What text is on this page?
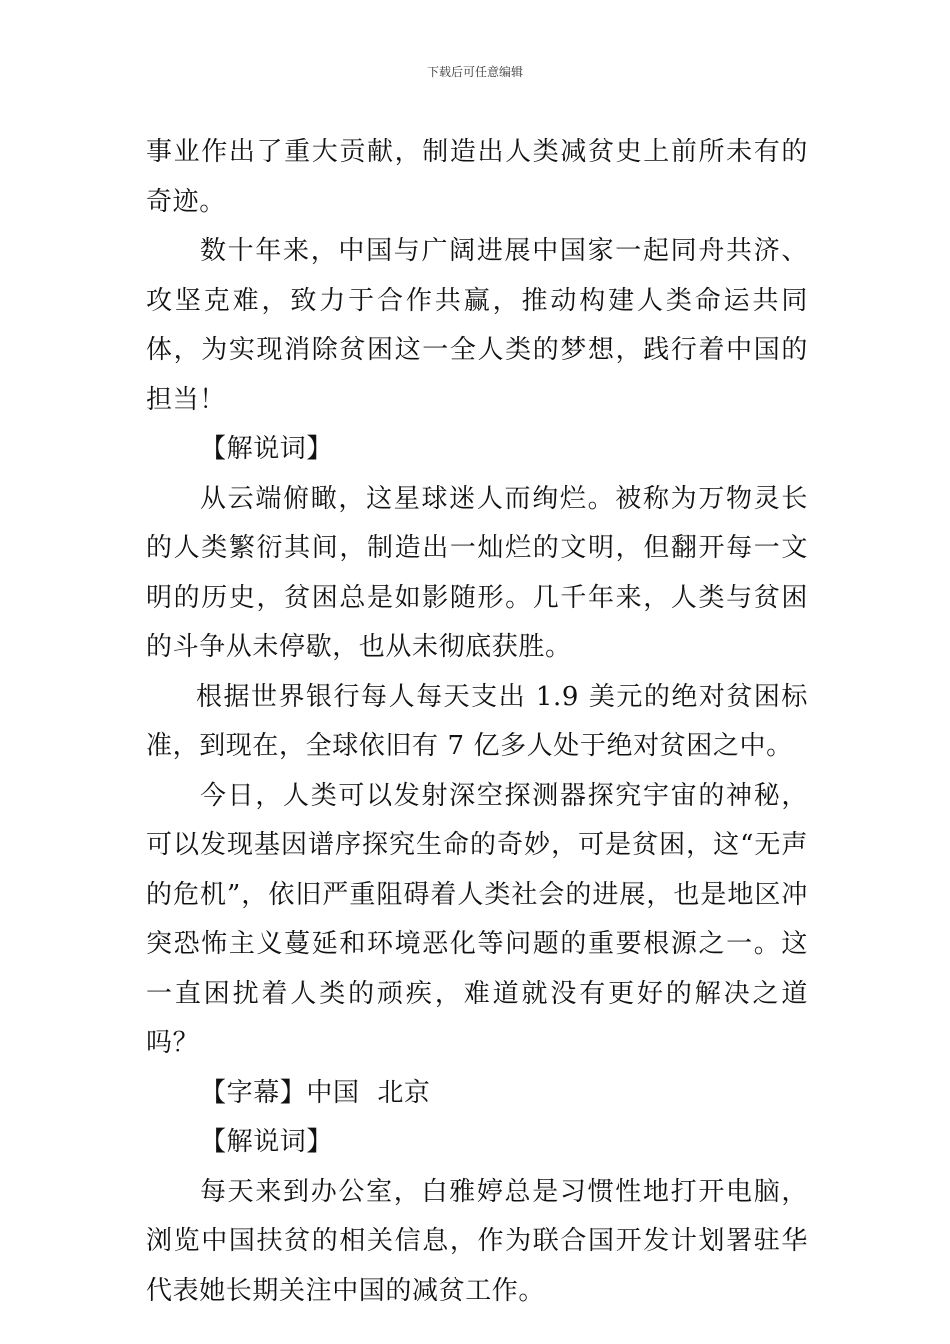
下载后可任意编辑

事业作出了重大贡献，制造出人类减贫史上前所未有的奇迹。

数十年来，中国与广阔进展中国家一起同舟共济、攻坚克难，致力于合作共赢，推动构建人类命运共同体，为实现消除贫困这一全人类的梦想，践行着中国的担当！

【解说词】

从云端俯瞰，这星球迷人而绚烂。被称为万物灵长的人类繁衍其间，制造出一灿烂的文明，但翻开每一文明的历史，贫困总是如影随形。几千年来，人类与贫困的斗争从未停歇，也从未彻底获胜。

根据世界银行每人每天支出 1.9 美元的绝对贫困标准，到现在，全球依旧有 7 亿多人处于绝对贫困之中。

今日，人类可以发射深空探测器探究宇宙的神秘，可以发现基因谱序探究生命的奇妙，可是贫困，这“无声的危机”，依旧严重阻碍着人类社会的进展，也是地区冲突恐怖主义蔓延和环境恶化等问题的重要根源之一。这一直困扰着人类的顽疾，难道就没有更好的解决之道吗？

【字幕】中国  北京

【解说词】

每天来到办公室，白雅婷总是习惯性地打开电脑，浏览中国扶贫的相关信息，作为联合国开发计划署驻华代表她长期关注中国的减贫工作。
